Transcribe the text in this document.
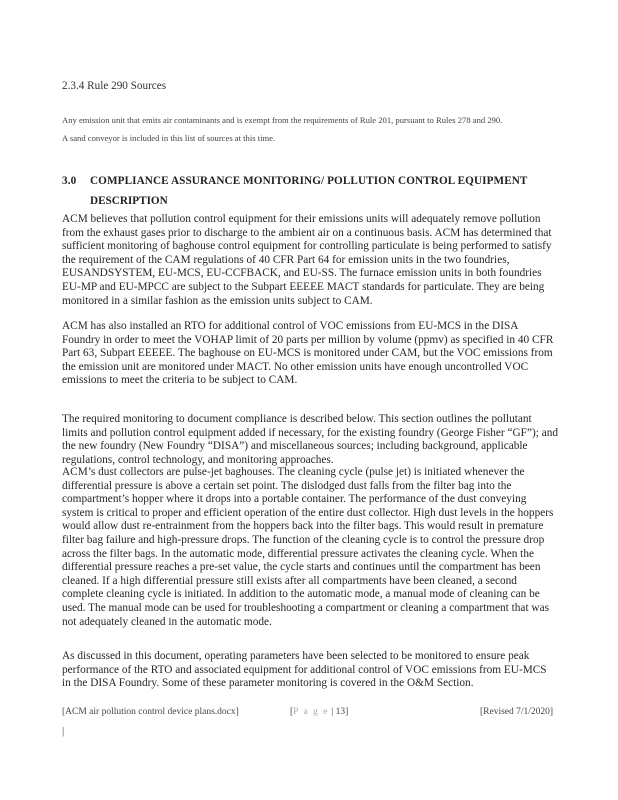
2.3.4 Rule 290 Sources
Any emission unit that emits air contaminants and is exempt from the requirements of Rule 201, pursuant to Rules 278 and 290.
A sand conveyor is included in this list of sources at this time.
3.0 COMPLIANCE ASSURANCE MONITORING/ POLLUTION CONTROL EQUIPMENT
DESCRIPTION
ACM believes that pollution control equipment for their emissions units will adequately remove pollution from the exhaust gases prior to discharge to the ambient air on a continuous basis. ACM has determined that sufficient monitoring of baghouse control equipment for controlling particulate is being performed to satisfy the requirement of the CAM regulations of 40 CFR Part 64 for emission units in the two foundries, EUSANDSYSTEM, EU-MCS, EU-CCFBACK, and EU-SS. The furnace emission units in both foundries EU-MP and EU-MPCC are subject to the Subpart EEEEE MACT standards for particulate. They are being monitored in a similar fashion as the emission units subject to CAM.
ACM has also installed an RTO for additional control of VOC emissions from EU-MCS in the DISA Foundry in order to meet the VOHAP limit of 20 parts per million by volume (ppmv) as specified in 40 CFR Part 63, Subpart EEEEE. The baghouse on EU-MCS is monitored under CAM, but the VOC emissions from the emission unit are monitored under MACT. No other emission units have enough uncontrolled VOC emissions to meet the criteria to be subject to CAM.
The required monitoring to document compliance is described below. This section outlines the pollutant limits and pollution control equipment added if necessary, for the existing foundry (George Fisher “GF”); and the new foundry (New Foundry “DISA”) and miscellaneous sources; including background, applicable regulations, control technology, and monitoring approaches.
ACM’s dust collectors are pulse-jet baghouses. The cleaning cycle (pulse jet) is initiated whenever the differential pressure is above a certain set point. The dislodged dust falls from the filter bag into the compartment’s hopper where it drops into a portable container. The performance of the dust conveying system is critical to proper and efficient operation of the entire dust collector. High dust levels in the hoppers would allow dust re-entrainment from the hoppers back into the filter bags. This would result in premature filter bag failure and high-pressure drops. The function of the cleaning cycle is to control the pressure drop across the filter bags. In the automatic mode, differential pressure activates the cleaning cycle. When the differential pressure reaches a pre-set value, the cycle starts and continues until the compartment has been cleaned. If a high differential pressure still exists after all compartments have been cleaned, a second complete cleaning cycle is initiated. In addition to the automatic mode, a manual mode of cleaning can be used. The manual mode can be used for troubleshooting a compartment or cleaning a compartment that was not adequately cleaned in the automatic mode.
As discussed in this document, operating parameters have been selected to be monitored to ensure peak performance of the RTO and associated equipment for additional control of VOC emissions from EU-MCS in the DISA Foundry. Some of these parameter monitoring is covered in the O&M Section.
[ACM air pollution control device plans.docx]	[P a g e | 13]	[Revised 7/1/2020]
|
